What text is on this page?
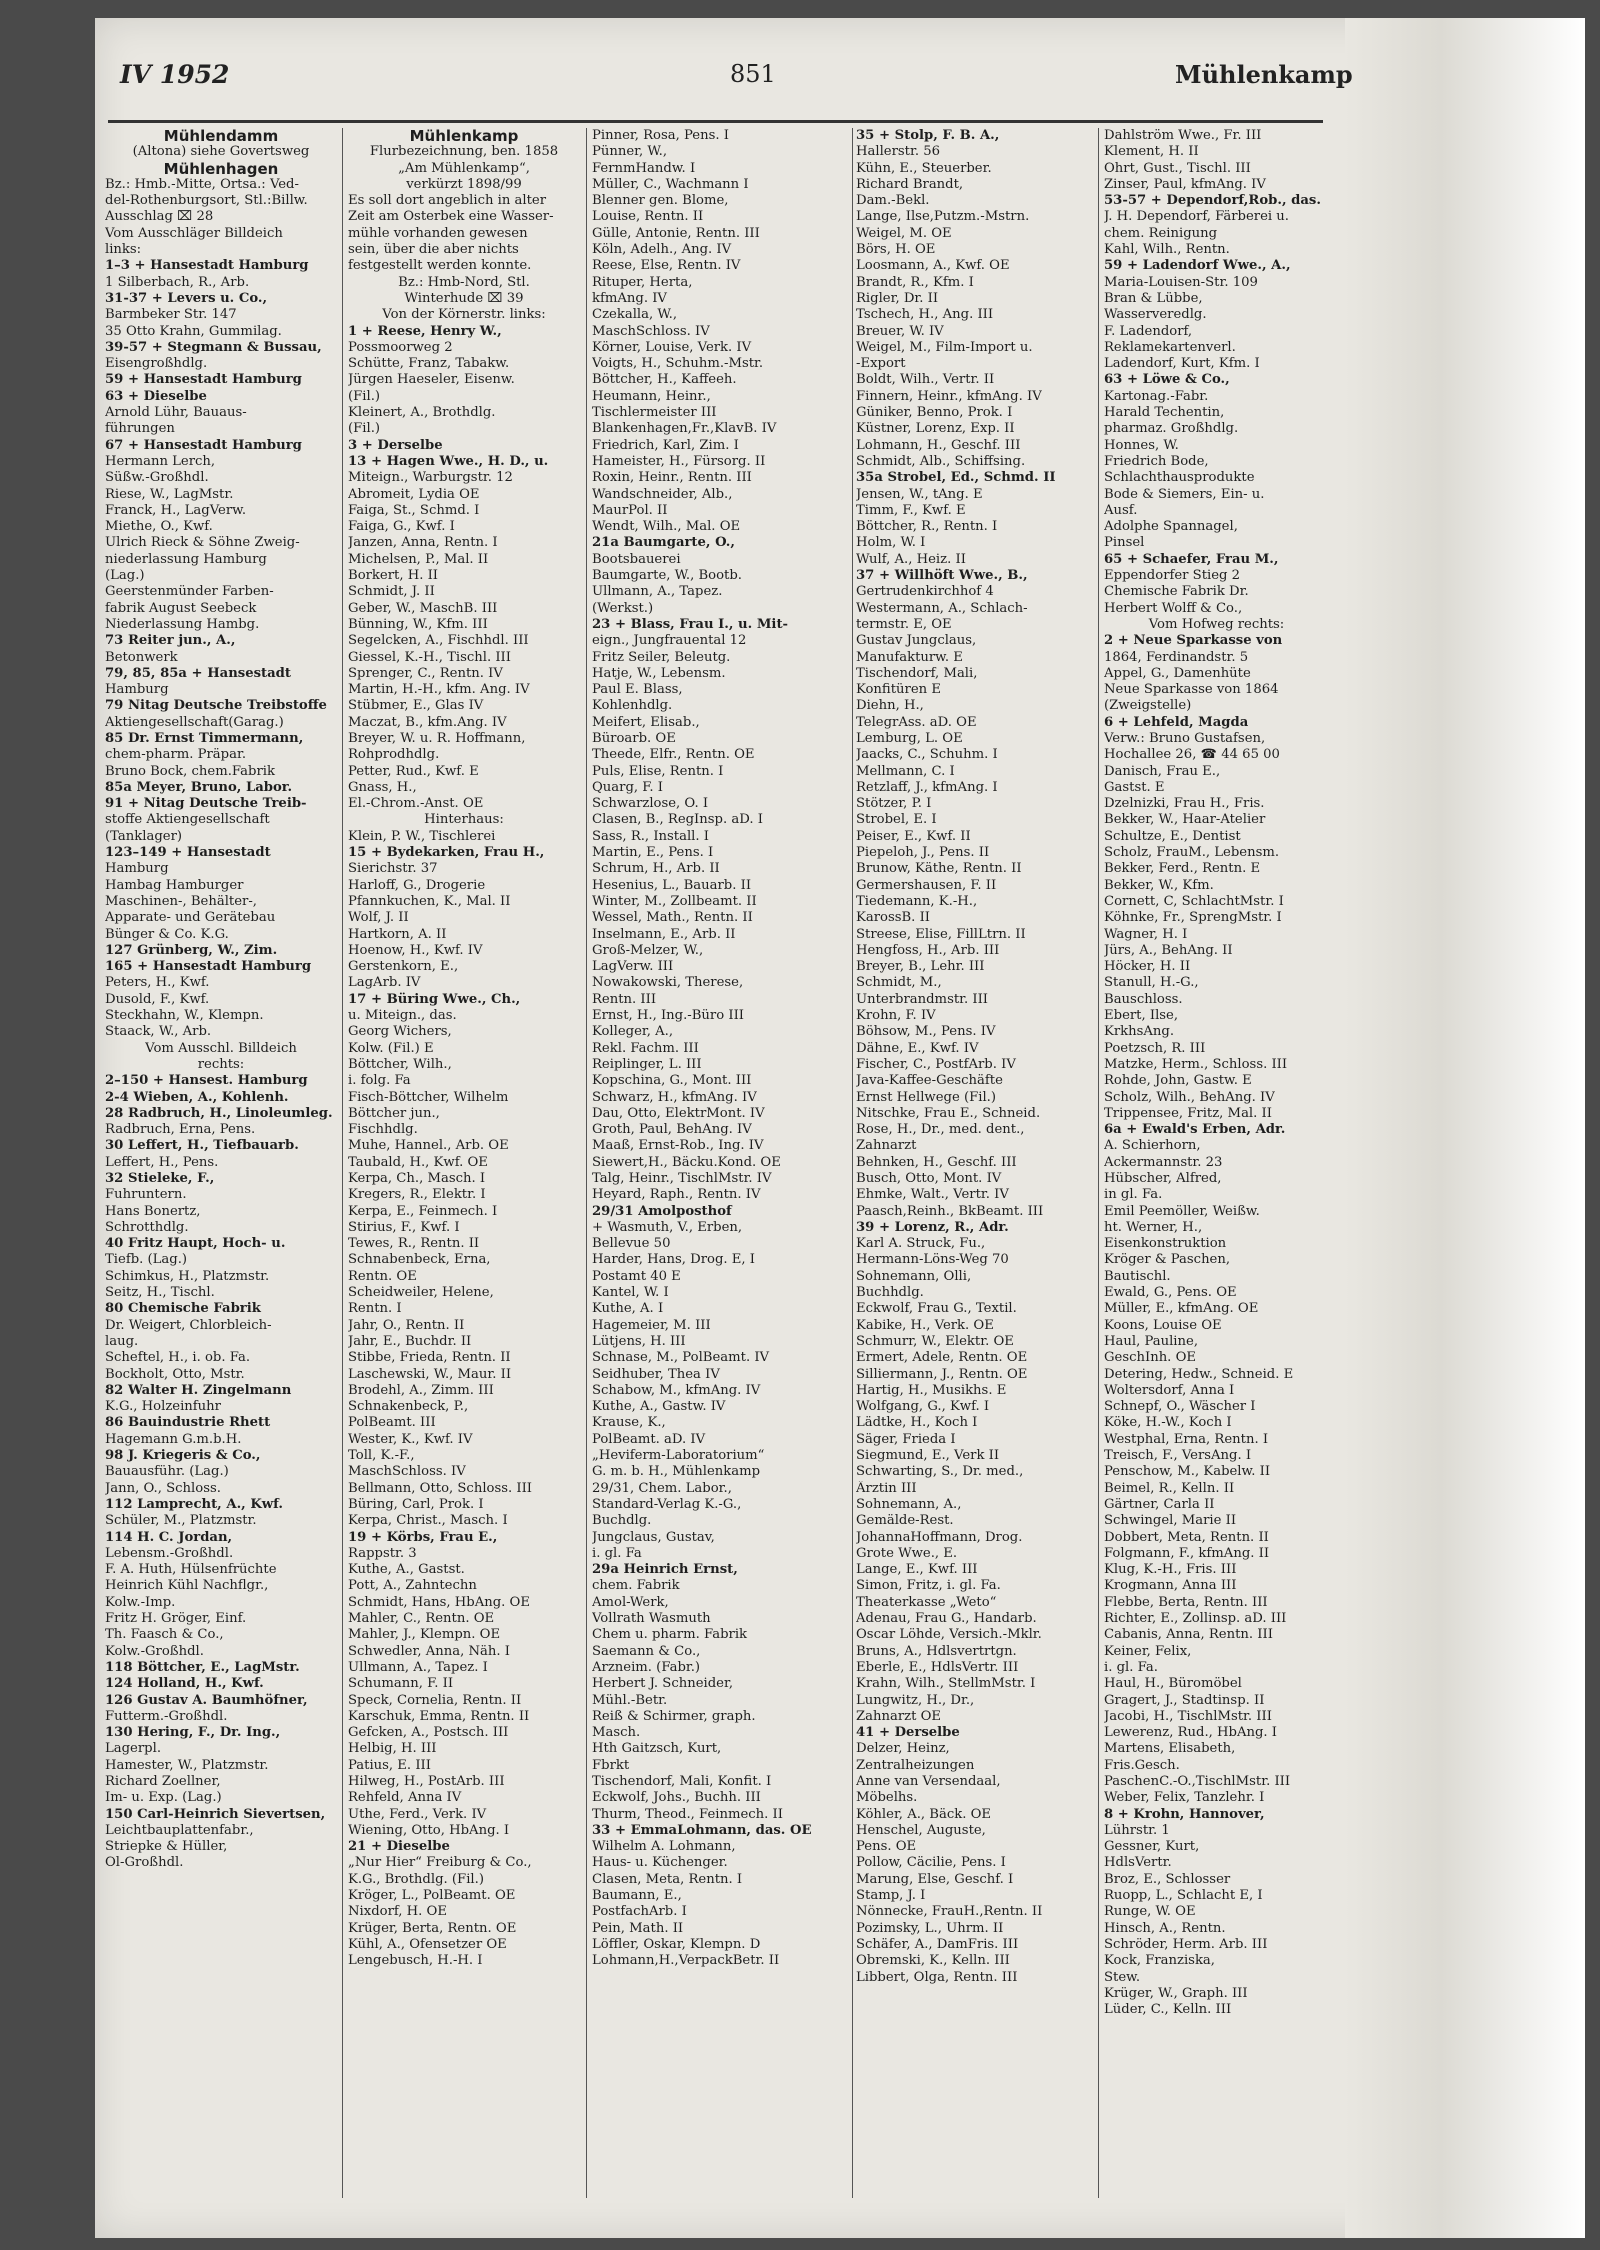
IV 1952	851	Mühlenkamp
Mühlendamm
(Altona) siehe Govertsweg
Mühlenhagen
Bz.: Hmb.-Mitte, Ortsa.: Ved-
del-Rothenburgsort, Stl.:Billw.
Ausschlag ⌧ 28
Vom Ausschläger Billdeich
links:
1–3 + Hansestadt Hamburg
1 Silberbach, R., Arb.
31-37 + Levers u. Co.,
Barmbeker Str. 147
35 Otto Krahn, Gummilag.
39-57 + Stegmann & Bussau,
Eisengroßhdlg.
59 + Hansestadt Hamburg
63 + Dieselbe
Arnold Lühr, Bauaus-
führungen
67 + Hansestadt Hamburg
Hermann Lerch,
Süßw.-Großhdl.
Riese, W., LagMstr.
Franck, H., LagVerw.
Miethe, O., Kwf.
Ulrich Rieck & Söhne Zweig-
niederlassung Hamburg
(Lag.)
Geerstenmünder Farben-
fabrik August Seebeck
Niederlassung Hambg.
73 Reiter jun., A.,
Betonwerk
79, 85, 85a + Hansestadt
Hamburg
79 Nitag Deutsche Treibstoffe
Aktiengesellschaft(Garag.)
85 Dr. Ernst Timmermann,
chem-pharm. Präpar.
Bruno Bock, chem.Fabrik
85a Meyer, Bruno, Labor.
91 + Nitag Deutsche Treib-
stoffe Aktiengesellschaft
(Tanklager)
123–149 + Hansestadt
Hamburg
Hambag Hamburger
Maschinen-, Behälter-,
Apparate- und Gerätebau
Bünger & Co. K.G.
127 Grünberg, W., Zim.
165 + Hansestadt Hamburg
Peters, H., Kwf.
Dusold, F., Kwf.
Steckhahn, W., Klempn.
Staack, W., Arb.
Vom Ausschl. Billdeich
rechts:
2–150 + Hansest. Hamburg
2-4 Wieben, A., Kohlenh.
28 Radbruch, H., Linoleumleg.
Radbruch, Erna, Pens.
30 Leffert, H., Tiefbauarb.
Leffert, H., Pens.
32 Stieleke, F.,
Fuhruntern.
Hans Bonertz,
Schrotthdlg.
40 Fritz Haupt, Hoch- u.
Tiefb. (Lag.)
Schimkus, H., Platzmstr.
Seitz, H., Tischl.
80 Chemische Fabrik
Dr. Weigert, Chlorbleich-
laug.
Scheftel, H., i. ob. Fa.
Bockholt, Otto, Mstr.
82 Walter H. Zingelmann
K.G., Holzeinfuhr
86 Bauindustrie Rhett
Hagemann G.m.b.H.
98 J. Kriegeris & Co.,
Bauausführ. (Lag.)
Jann, O., Schloss.
112 Lamprecht, A., Kwf.
Schüler, M., Platzmstr.
114 H. C. Jordan,
Lebensm.-Großhdl.
F. A. Huth, Hülsenfrüchte
Heinrich Kühl Nachflgr.,
Kolw.-Imp.
Fritz H. Gröger, Einf.
Th. Faasch & Co.,
Kolw.-Großhdl.
118 Böttcher, E., LagMstr.
124 Holland, H., Kwf.
126 Gustav A. Baumhöfner,
Futterm.-Großhdl.
130 Hering, F., Dr. Ing.,
Lagerpl.
Hamester, W., Platzmstr.
Richard Zoellner,
Im- u. Exp. (Lag.)
150 Carl-Heinrich Sievertsen,
Leichtbauplattenfabr.,
Striepke & Hüller,
Öl-Großhdl.
Mühlenkamp
Flurbezeichnung, ben. 1858
„Am Mühlenkamp“,
verkürzt 1898/99
Es soll dort angeblich in alter
Zeit am Osterbek eine Wasser-
mühle vorhanden gewesen
sein, über die aber nichts
festgestellt werden konnte.
Bz.: Hmb-Nord, Stl.
Winterhude ⌧ 39
Von der Körnerstr. links:
1 + Reese, Henry W.,
Possmoorweg 2
Schütte, Franz, Tabakw.
Jürgen Haeseler, Eisenw.
(Fil.)
Kleinert, A., Brothdlg.
(Fil.)
3 + Derselbe
13 + Hagen Wwe., H. D., u.
Miteign., Warburgstr. 12
Abromeit, Lydia OE
Faiga, St., Schmd. I
Faiga, G., Kwf. I
Janzen, Anna, Rentn. I
Michelsen, P., Mal. II
Borkert, H. II
Schmidt, J. II
Geber, W., MaschB. III
Bünning, W., Kfm. III
Segelcken, A., Fischhdl. III
Giessel, K.-H., Tischl. III
Sprenger, C., Rentn. IV
Martin, H.-H., kfm. Ang. IV
Stübmer, E., Glas IV
Maczat, B., kfm.Ang. IV
Breyer, W. u. R. Hoffmann,
Rohprodhdlg.
Petter, Rud., Kwf. E
Gnass, H.,
El.-Chrom.-Anst. OE
Hinterhaus:
Klein, P. W., Tischlerei
15 + Bydekarken, Frau H.,
Sierichstr. 37
Harloff, G., Drogerie
Pfannkuchen, K., Mal. II
Wolf, J. II
Hartkorn, A. II
Hoenow, H., Kwf. IV
Gerstenkorn, E.,
LagArb. IV
17 + Büring Wwe., Ch.,
u. Miteign., das.
Georg Wichers,
Kolw. (Fil.) E
Böttcher, Wilh.,
i. folg. Fa
Fisch-Böttcher, Wilhelm
Böttcher jun.,
Fischhdlg.
Muhe, Hannel., Arb. OE
Taubald, H., Kwf. OE
Kerpa, Ch., Masch. I
Kregers, R., Elektr. I
Kerpa, E., Feinmech. I
Stirius, F., Kwf. I
Tewes, R., Rentn. II
Schnabenbeck, Erna,
Rentn. OE
Scheidweiler, Helene,
Rentn. I
Jahr, O., Rentn. II
Jahr, E., Buchdr. II
Stibbe, Frieda, Rentn. II
Laschewski, W., Maur. II
Brodehl, A., Zimm. III
Schnakenbeck, P.,
PolBeamt. III
Wester, K., Kwf. IV
Toll, K.-F.,
MaschSchloss. IV
Bellmann, Otto, Schloss. III
Büring, Carl, Prok. I
Kerpa, Christ., Masch. I
19 + Körbs, Frau E.,
Rappstr. 3
Kuthe, A., Gastst.
Pott, A., Zahntechn
Schmidt, Hans, HbAng. OE
Mahler, C., Rentn. OE
Mahler, J., Klempn. OE
Schwedler, Anna, Näh. I
Ullmann, A., Tapez. I
Schumann, F. II
Speck, Cornelia, Rentn. II
Karschuk, Emma, Rentn. II
Gefcken, A., Postsch. III
Helbig, H. III
Patius, E. III
Hilweg, H., PostArb. III
Rehfeld, Anna IV
Uthe, Ferd., Verk. IV
Wiening, Otto, HbAng. I
21 + Dieselbe
„Nur Hier“ Freiburg & Co.,
K.G., Brothdlg. (Fil.)
Kröger, L., PolBeamt. OE
Nixdorf, H. OE
Krüger, Berta, Rentn. OE
Kühl, A., Ofensetzer OE
Lengebusch, H.-H. I
Pinner, Rosa, Pens. I
Pünner, W.,
FernmHandw. I
Müller, C., Wachmann I
Blenner gen. Blome,
Louise, Rentn. II
Gülle, Antonie, Rentn. III
Köln, Adelh., Ang. IV
Reese, Else, Rentn. IV
Rituper, Herta,
kfmAng. IV
Czekalla, W.,
MaschSchloss. IV
Körner, Louise, Verk. IV
Voigts, H., Schuhm.-Mstr.
Böttcher, H., Kaffeeh.
Heumann, Heinr.,
Tischlermeister III
Blankenhagen,Fr.,KlavB. IV
Friedrich, Karl, Zim. I
Hameister, H., Fürsorg. II
Roxin, Heinr., Rentn. III
Wandschneider, Alb.,
MaurPol. II
Wendt, Wilh., Mal. OE
21a Baumgarte, O.,
Bootsbauerei
Baumgarte, W., Bootb.
Ullmann, A., Tapez.
(Werkst.)
23 + Blass, Frau I., u. Mit-
eign., Jungfrauental 12
Fritz Seiler, Beleutg.
Hatje, W., Lebensm.
Paul E. Blass,
Kohlenhdlg.
Meifert, Elisab.,
Büroarb. OE
Theede, Elfr., Rentn. OE
Puls, Elise, Rentn. I
Quarg, F. I
Schwarzlose, O. I
Clasen, B., RegInsp. aD. I
Sass, R., Install. I
Martin, E., Pens. I
Schrum, H., Arb. II
Hesenius, L., Bauarb. II
Winter, M., Zollbeamt. II
Wessel, Math., Rentn. II
Inselmann, E., Arb. II
Groß-Melzer, W.,
LagVerw. III
Nowakowski, Therese,
Rentn. III
Ernst, H., Ing.-Büro III
Kolleger, A.,
Rekl. Fachm. III
Reiplinger, L. III
Kopschina, G., Mont. III
Schwarz, H., kfmAng. IV
Dau, Otto, ElektrMont. IV
Groth, Paul, BehAng. IV
Maaß, Ernst-Rob., Ing. IV
Siewert,H., Bäcku.Kond. OE
Talg, Heinr., TischlMstr. IV
Heyard, Raph., Rentn. IV
29/31 Amolposthof
+ Wasmuth, V., Erben,
Bellevue 50
Harder, Hans, Drog. E, I
Postamt 40 E
Kantel, W. I
Kuthe, A. I
Hagemeier, M. III
Lütjens, H. III
Schnase, M., PolBeamt. IV
Seidhuber, Thea IV
Schabow, M., kfmAng. IV
Kuthe, A., Gastw. IV
Krause, K.,
PolBeamt. aD. IV
„Heviferm-Laboratorium“
G. m. b. H., Mühlenkamp
29/31, Chem. Labor.,
Standard-Verlag K.-G.,
Buchdlg.
Jungclaus, Gustav,
i. gl. Fa
29a Heinrich Ernst,
chem. Fabrik
Amol-Werk,
Vollrath Wasmuth
Chem u. pharm. Fabrik
Saemann & Co.,
Arzneim. (Fabr.)
Herbert J. Schneider,
Mühl.-Betr.
Reiß & Schirmer, graph.
Masch.
Hth Gaitzsch, Kurt,
Fbrkt
Tischendorf, Mali, Konfit. I
Eckwolf, Johs., Buchh. III
Thurm, Theod., Feinmech. II
33 + EmmaLohmann, das. OE
Wilhelm A. Lohmann,
Haus- u. Küchenger.
Clasen, Meta, Rentn. I
Baumann, E.,
PostfachArb. I
Pein, Math. II
Löffler, Oskar, Klempn. D
Lohmann,H.,VerpackBetr. II
35 + Stolp, F. B. A.,
Hallerstr. 56
Kühn, E., Steuerber.
Richard Brandt,
Dam.-Bekl.
Lange, Ilse,Putzm.-Mstrn.
Weigel, M. OE
Börs, H. OE
Loosmann, A., Kwf. OE
Brandt, R., Kfm. I
Rigler, Dr. II
Tschech, H., Ang. III
Breuer, W. IV
Weigel, M., Film-Import u.
-Export
Boldt, Wilh., Vertr. II
Finnern, Heinr., kfmAng. IV
Güniker, Benno, Prok. I
Küstner, Lorenz, Exp. II
Lohmann, H., Geschf. III
Schmidt, Alb., Schiffsing.
35a Strobel, Ed., Schmd. II
Jensen, W., tAng. E
Timm, F., Kwf. E
Böttcher, R., Rentn. I
Holm, W. I
Wulf, A., Heiz. II
37 + Willhöft Wwe., B.,
Gertrudenkirchhof 4
Westermann, A., Schlach-
termstr. E, OE
Gustav Jungclaus,
Manufakturw. E
Tischendorf, Mali,
Konfitüren E
Diehn, H.,
TelegrAss. aD. OE
Lemburg, L. OE
Jaacks, C., Schuhm. I
Mellmann, C. I
Retzlaff, J., kfmAng. I
Stötzer, P. I
Strobel, E. I
Peiser, E., Kwf. II
Piepeloh, J., Pens. II
Brunow, Käthe, Rentn. II
Germershausen, F. II
Tiedemann, K.-H.,
KarossB. II
Streese, Elise, FillLtrn. II
Hengfoss, H., Arb. III
Breyer, B., Lehr. III
Schmidt, M.,
Unterbrandmstr. III
Krohn, F. IV
Böhsow, M., Pens. IV
Dähne, E., Kwf. IV
Fischer, C., PostfArb. IV
Java-Kaffee-Geschäfte
Ernst Hellwege (Fil.)
Nitschke, Frau E., Schneid.
Rose, H., Dr., med. dent.,
Zahnarzt
Behnken, H., Geschf. III
Busch, Otto, Mont. IV
Ehmke, Walt., Vertr. IV
Paasch,Reinh., BkBeamt. III
39 + Lorenz, R., Adr.
Karl A. Struck, Fu.,
Hermann-Löns-Weg 70
Sohnemann, Olli,
Buchhdlg.
Eckwolf, Frau G., Textil.
Kabike, H., Verk. OE
Schmurr, W., Elektr. OE
Ermert, Adele, Rentn. OE
Silliermann, J., Rentn. OE
Hartig, H., Musikhs. E
Wolfgang, G., Kwf. I
Lädtke, H., Koch I
Säger, Frieda I
Siegmund, E., Verk II
Schwarting, S., Dr. med.,
Ärztin III
Sohnemann, A.,
Gemälde-Rest.
JohannaHoffmann, Drog.
Grote Wwe., E.
Lange, E., Kwf. III
Simon, Fritz, i. gl. Fa.
Theaterkasse „Weto“
Adenau, Frau G., Handarb.
Oscar Löhde, Versich.-Mklr.
Bruns, A., Hdlsvertrtgn.
Eberle, E., HdlsVertr. III
Krahn, Wilh., StellmMstr. I
Lungwitz, H., Dr.,
Zahnarzt OE
41 + Derselbe
Delzer, Heinz,
Zentralheizungen
Anne van Versendaal,
Möbelhs.
Köhler, A., Bäck. OE
Henschel, Auguste,
Pens. OE
Pollow, Cäcilie, Pens. I
Marung, Else, Geschf. I
Stamp, J. I
Nönnecke, FrauH.,Rentn. II
Pozimsky, L., Uhrm. II
Schäfer, A., DamFris. III
Obremski, K., Kelln. III
Libbert, Olga, Rentn. III
Dahlström Wwe., Fr. III
Klement, H. II
Ohrt, Gust., Tischl. III
Zinser, Paul, kfmAng. IV
53-57 + Dependorf,Rob., das.
J. H. Dependorf, Färberei u.
chem. Reinigung
Kahl, Wilh., Rentn.
59 + Ladendorf Wwe., A.,
Maria-Louisen-Str. 109
Bran & Lübbe,
Wasserveredlg.
F. Ladendorf,
Reklamekartenverl.
Ladendorf, Kurt, Kfm. I
63 + Löwe & Co.,
Kartonag.-Fabr.
Harald Techentin,
pharmaz. Großhdlg.
Honnes, W.
Friedrich Bode,
Schlachthausprodukte
Bode & Siemers, Ein- u.
Ausf.
Adolphe Spannagel,
Pinsel
65 + Schaefer, Frau M.,
Eppendorfer Stieg 2
Chemische Fabrik Dr.
Herbert Wolff & Co.,
Vom Hofweg rechts:
2 + Neue Sparkasse von
1864, Ferdinandstr. 5
Appel, G., Damenhüte
Neue Sparkasse von 1864
(Zweigstelle)
6 + Lehfeld, Magda
Verw.: Bruno Gustafsen,
Hochallee 26, ☎ 44 65 00
Danisch, Frau E.,
Gastst. E
Dzelnizki, Frau H., Fris.
Bekker, W., Haar-Atelier
Schultze, E., Dentist
Scholz, FrauM., Lebensm.
Bekker, Ferd., Rentn. E
Bekker, W., Kfm.
Cornett, C, SchlachtMstr. I
Köhnke, Fr., SprengMstr. I
Wagner, H. I
Jürs, A., BehAng. II
Höcker, H. II
Stanull, H.-G.,
Bauschloss.
Ebert, Ilse,
KrkhsAng.
Poetzsch, R. III
Matzke, Herm., Schloss. III
Rohde, John, Gastw. E
Scholz, Wilh., BehAng. IV
Trippensee, Fritz, Mal. II
6a + Ewald's Erben, Adr.
A. Schierhorn,
Ackermannstr. 23
Hübscher, Alfred,
in gl. Fa.
Emil Peemöller, Weißw.
ht. Werner, H.,
Eisenkonstruktion
Kröger & Paschen,
Bautischl.
Ewald, G., Pens. OE
Müller, E., kfmAng. OE
Koons, Louise OE
Haul, Pauline,
GeschInh. OE
Detering, Hedw., Schneid. E
Woltersdorf, Anna I
Schnepf, O., Wäscher I
Köke, H.-W., Koch I
Westphal, Erna, Rentn. I
Treisch, F., VersAng. I
Penschow, M., Kabelw. II
Beimel, R., Kelln. II
Gärtner, Carla II
Schwingel, Marie II
Dobbert, Meta, Rentn. II
Folgmann, F., kfmAng. II
Klug, K.-H., Fris. III
Krogmann, Anna III
Flebbe, Berta, Rentn. III
Richter, E., Zollinsp. aD. III
Cabanis, Anna, Rentn. III
Keiner, Felix,
i. gl. Fa.
Haul, H., Büromöbel
Gragert, J., Stadtinsp. II
Jacobi, H., TischlMstr. III
Lewerenz, Rud., HbAng. I
Martens, Elisabeth,
Fris.Gesch.
PaschenC.-O.,TischlMstr. III
Weber, Felix, Tanzlehr. I
8 + Krohn, Hannover,
Lührstr. 1
Gessner, Kurt,
HdlsVertr.
Broz, E., Schlosser
Ruopp, L., Schlacht E, I
Runge, W. OE
Hinsch, A., Rentn.
Schröder, Herm. Arb. III
Kock, Franziska,
Stew.
Krüger, W., Graph. III
Lüder, C., Kelln. III
